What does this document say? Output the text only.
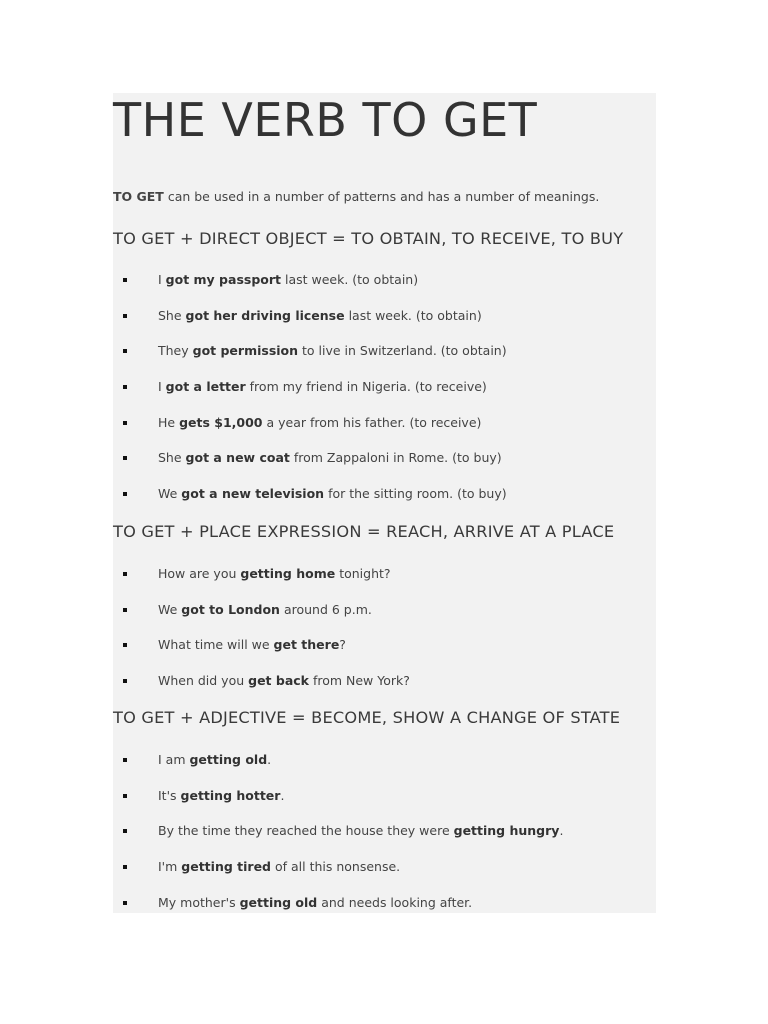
THE VERB TO GET
TO GET can be used in a number of patterns and has a number of meanings.
TO GET + DIRECT OBJECT = TO OBTAIN, TO RECEIVE, TO BUY
I got my passport last week. (to obtain)
She got her driving license last week. (to obtain)
They got permission to live in Switzerland. (to obtain)
I got a letter from my friend in Nigeria. (to receive)
He gets $1,000 a year from his father. (to receive)
She got a new coat from Zappaloni in Rome. (to buy)
We got a new television for the sitting room. (to buy)
TO GET + PLACE EXPRESSION = REACH, ARRIVE AT A PLACE
How are you getting home tonight?
We got to London around 6 p.m.
What time will we get there?
When did you get back from New York?
TO GET + ADJECTIVE = BECOME, SHOW A CHANGE OF STATE
I am getting old.
It's getting hotter.
By the time they reached the house they were getting hungry.
I'm getting tired of all this nonsense.
My mother's getting old and needs looking after.
